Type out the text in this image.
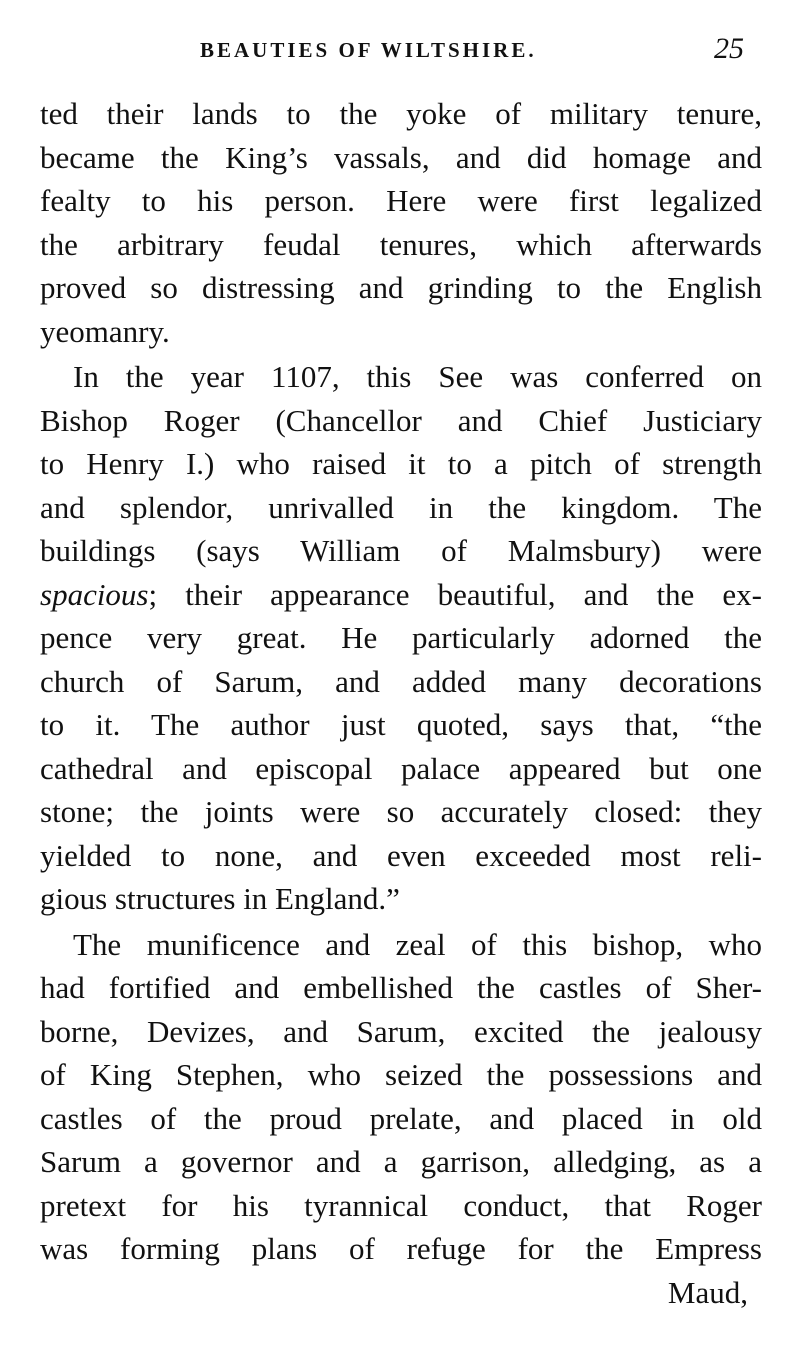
BEAUTIES OF WILTSHIRE.	25
ted their lands to the yoke of military tenure,
became the King’s vassals, and did homage and
fealty to his person. Here were first legalized
the arbitrary feudal tenures, which afterwards
proved so distressing and grinding to the English
yeomanry.
In the year 1107, this See was conferred on
Bishop Roger (Chancellor and Chief Justiciary
to Henry I.) who raised it to a pitch of strength
and splendor, unrivalled in the kingdom. The
buildings (says William of Malmsbury) were
spacious; their appearance beautiful, and the ex-
pence very great. He particularly adorned the
church of Sarum, and added many decorations
to it. The author just quoted, says that, “the
cathedral and episcopal palace appeared but one
stone; the joints were so accurately closed: they
yielded to none, and even exceeded most reli-
gious structures in England.”
The munificence and zeal of this bishop, who
had fortified and embellished the castles of Sher-
borne, Devizes, and Sarum, excited the jealousy
of King Stephen, who seized the possessions and
castles of the proud prelate, and placed in old
Sarum a governor and a garrison, alledging, as a
pretext for his tyrannical conduct, that Roger
was forming plans of refuge for the Empress
Maud,
